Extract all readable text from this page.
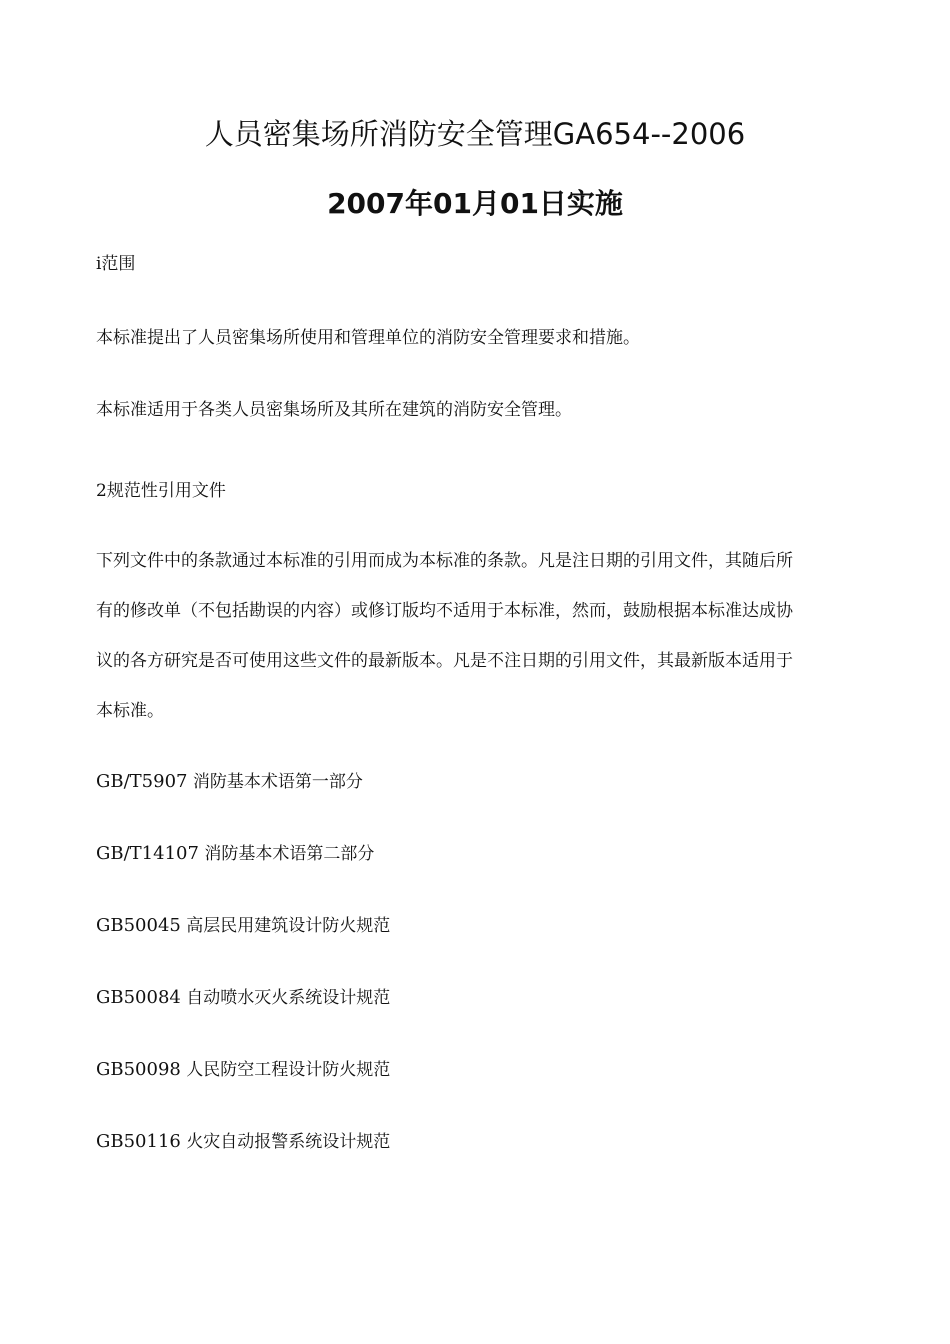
人员密集场所消防安全管理GA654--2006
2007年01月01日实施

i范围

本标准提出了人员密集场所使用和管理单位的消防安全管理要求和措施。

本标准适用于各类人员密集场所及其所在建筑的消防安全管理。

2规范性引用文件

下列文件中的条款通过本标准的引用而成为本标准的条款。凡是注日期的引用文件，其随后所

有的修改单（不包括勘误的内容）或修订版均不适用于本标准，然而，鼓励根据本标准达成协

议的各方研究是否可使用这些文件的最新版本。凡是不注日期的引用文件，其最新版本适用于

本标准。

GB/T5907 消防基本术语第一部分
GB/T14107 消防基本术语第二部分
GB50045 高层民用建筑设计防火规范
GB50084 自动喷水灭火系统设计规范
GB50098 人民防空工程设计防火规范
GB50116 火灾自动报警系统设计规范
